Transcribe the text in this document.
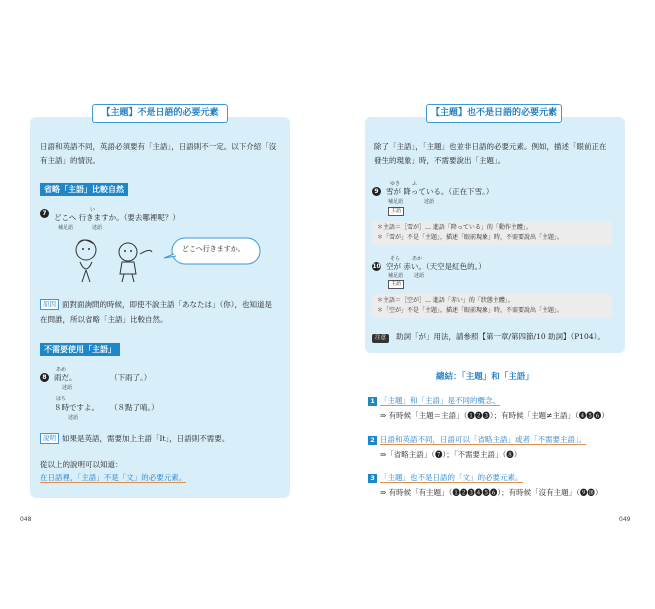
【主題】不是日語的必要元素
日語和英語不同，英語必須要有「主語」，日語則不一定。以下介紹「沒
有主語」的情況。
省略「主語」比較自然
7	い
どこへ 行きますか。（要去哪裡呢？）
補足語	述語
どこへ行きますか。
原因 面對面詢問的時候，即使不說主語「あなたは」（你），也知道是
在問誰，所以省略「主語」比較自然。
不需要使用「主語」
8
あめ
雨だ。	（下雨了。）
述語
はち
８時ですよ。 （８點了唷。）
述語
說明 如果是英語，需要加上主語「It」，日語則不需要。
從以上的說明可以知道：
在日語裡，「主語」不是「文」的必要元素。
048
【主題】也不是日語的必要元素
除了「主語」，「主題」也並非日語的必要元素。例如，描述「眼前正在
發生的現象」時，不需要說出「主題」。
9
ゆき ふ
雪が 降っている。（正在下雪。）
補足語	述語
主語
＊主語＝［雪が］… 進語「降っている」的「動作主體」。
＊「雪が」不是「主題」，描述「眼前現象」時，不需要說出「主題」。
10
そら あか
空が 赤い。（天空是紅色的。）
補足語 述語
主語
＊主語＝［空が］… 進語「赤い」的「狀態主體」。
＊「空が」不是「主題」，描述「眼前現象」時，不需要說出「主題」。
注意	助詞「が」用法，請參照【第一章/第四節/10 助詞】（P104）。
總結：「主題」和「主語」
1 「主題」和「主語」是不同的概念。
⇒ 有時候「主題＝主語」（❶❷❸）；有時候「主題≠主語」（❹❺❻）
2 日語和英語不同，日語可以「省略主語」或者「不需要主語」。
⇒「省略主語」（❼）；「不需要主語」（❽）
3 「主題」也不是日語的「文」的必要元素。
⇒ 有時候「有主題」（❶❷❸❹❺❻）；有時候「沒有主題」（❾❿）
049
